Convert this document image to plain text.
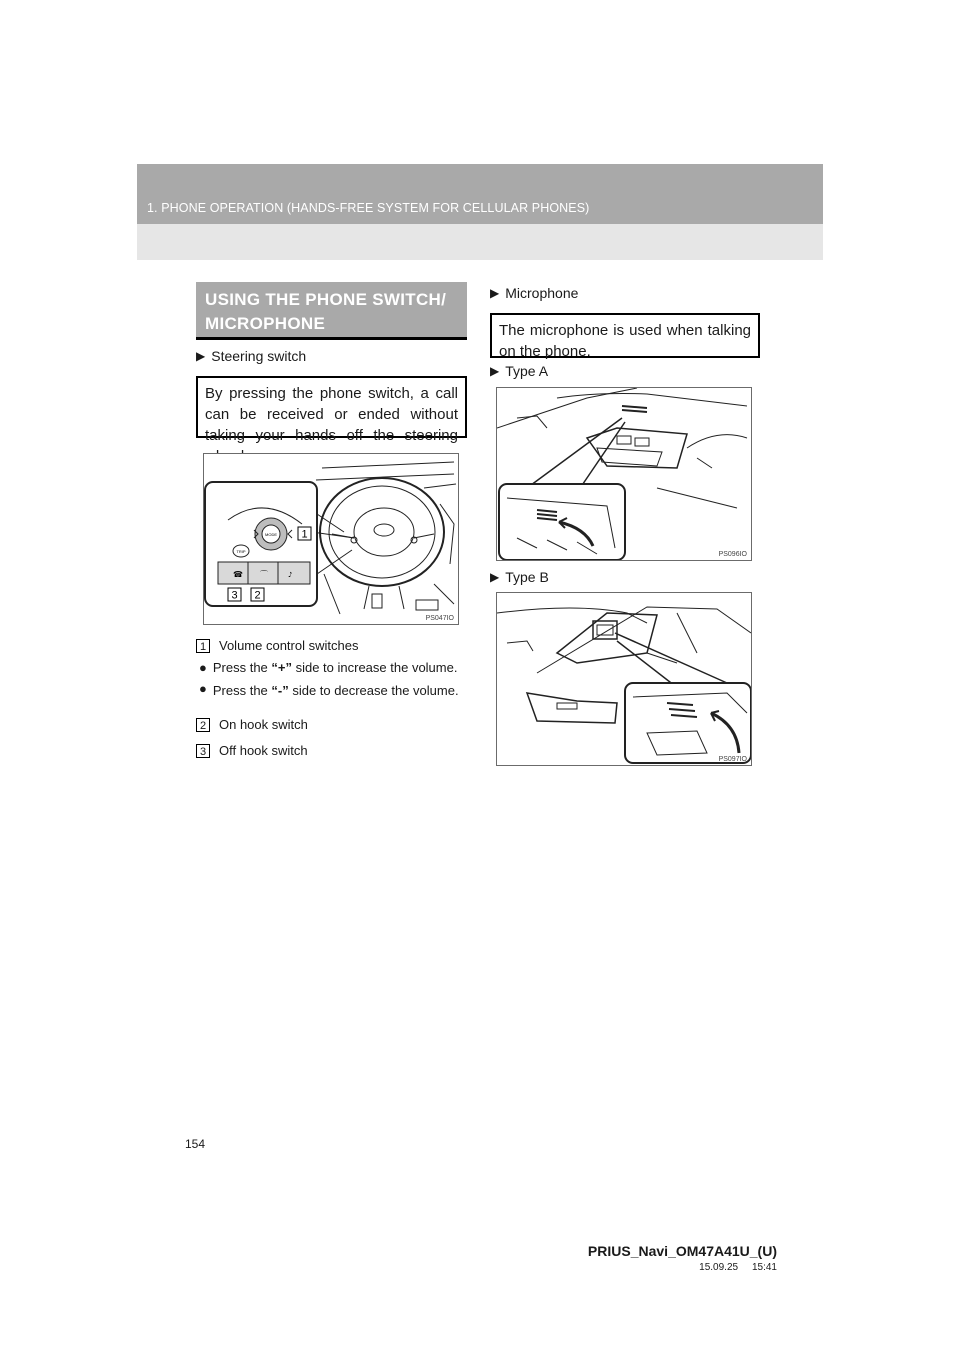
1. PHONE OPERATION (HANDS-FREE SYSTEM FOR CELLULAR PHONES)
USING THE PHONE SWITCH/
MICROPHONE
▶ Steering switch
By pressing the phone switch, a call can be received or ended without taking your hands off the steering
MODE
TRIP
☎ ⌒	♪
1
3 2
PS047IO
1 Volume control switches
● Press the “+” side to increase the volume.
● Press the “-” side to decrease the volume.
2 On hook switch
3 Off hook switch
▶ Microphone
The microphone is used when talking on the phone.
▶ Type A
PS096IO
▶ Type B
PS097IO
154
PRIUS_Navi_OM47A41U_(U)
15.09.25     15:41
